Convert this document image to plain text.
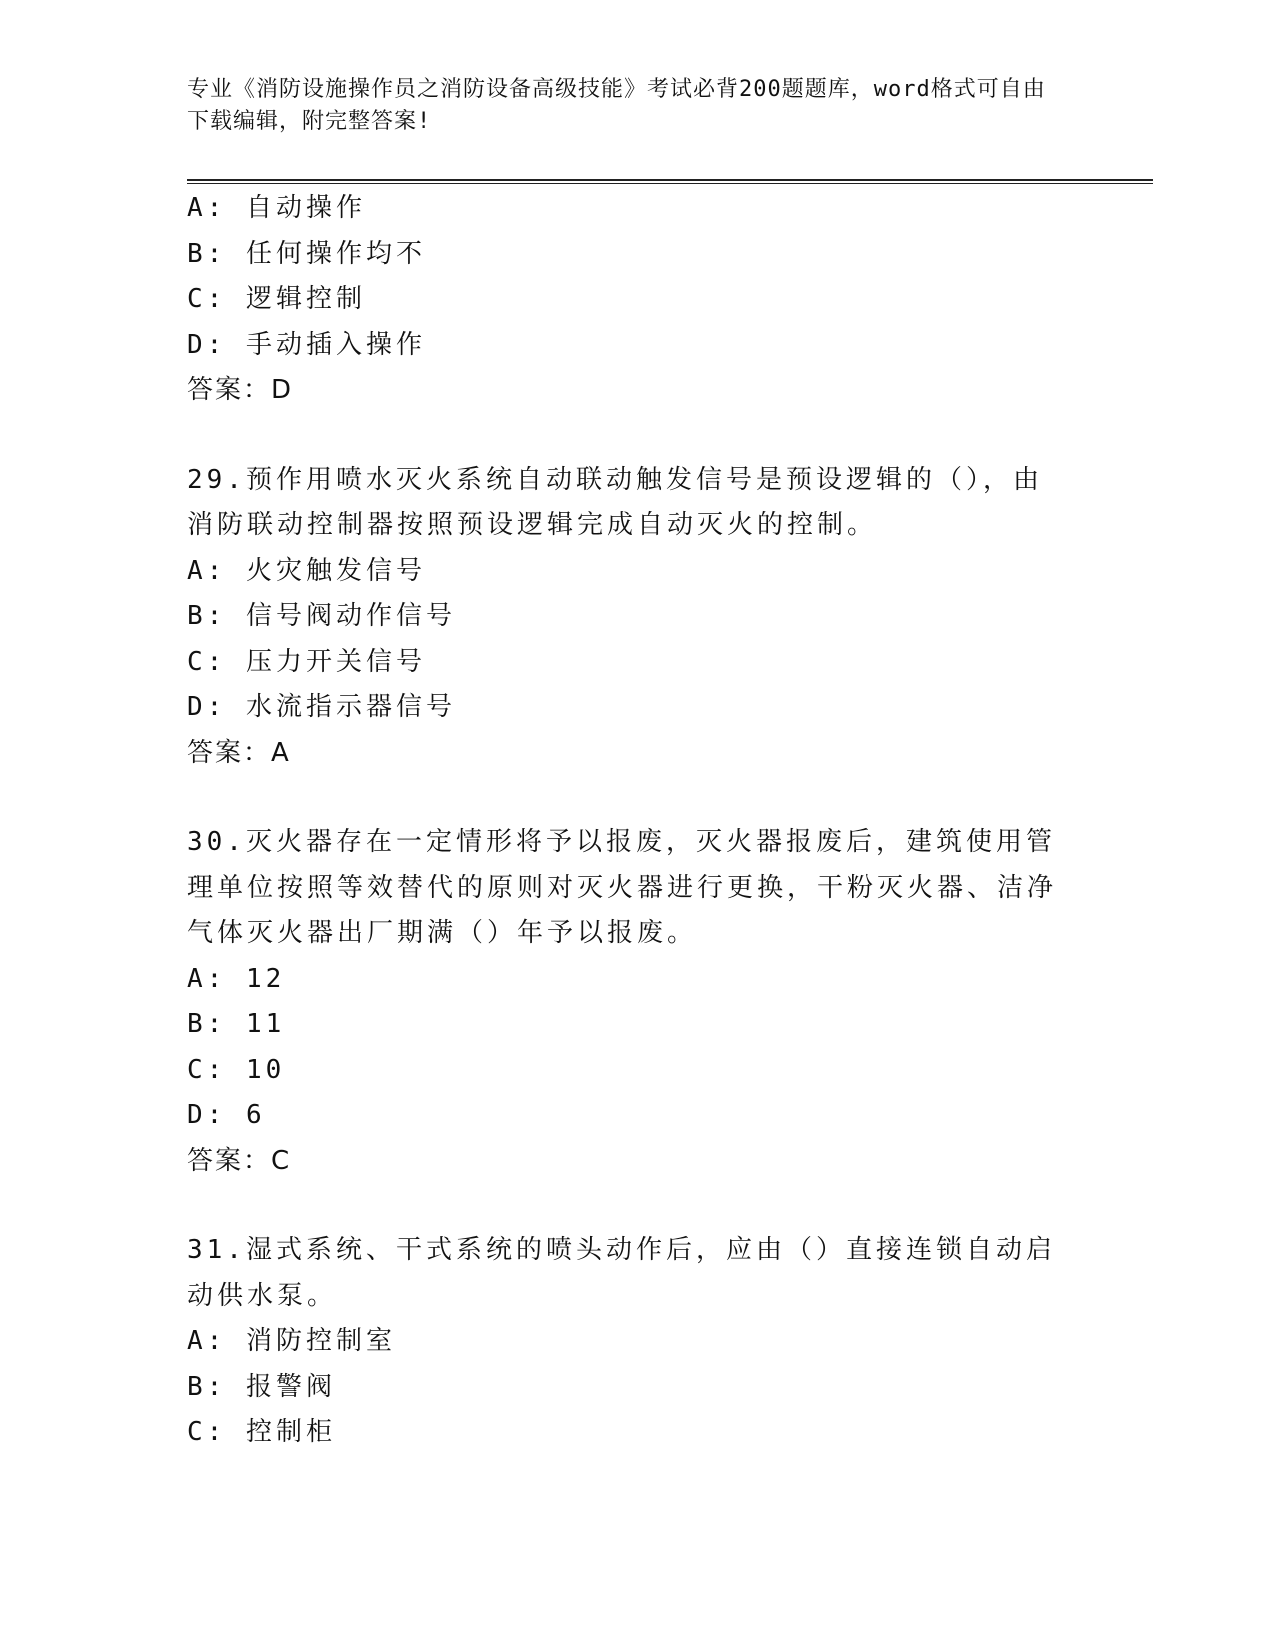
专业《消防设施操作员之消防设备高级技能》考试必背200题题库，word格式可自由下载编辑，附完整答案!
A: 自动操作
B: 任何操作均不
C: 逻辑控制
D: 手动插入操作
答案：D
29.预作用喷水灭火系统自动联动触发信号是预设逻辑的（），由消防联动控制器按照预设逻辑完成自动灭火的控制。
A: 火灾触发信号
B: 信号阀动作信号
C: 压力开关信号
D: 水流指示器信号
答案：A
30.灭火器存在一定情形将予以报废，灭火器报废后，建筑使用管理单位按照等效替代的原则对灭火器进行更换，干粉灭火器、洁净气体灭火器出厂期满（）年予以报废。
A: 12
B: 11
C: 10
D: 6
答案：C
31.湿式系统、干式系统的喷头动作后，应由（）直接连锁自动启动供水泵。
A: 消防控制室
B: 报警阀
C: 控制柜
